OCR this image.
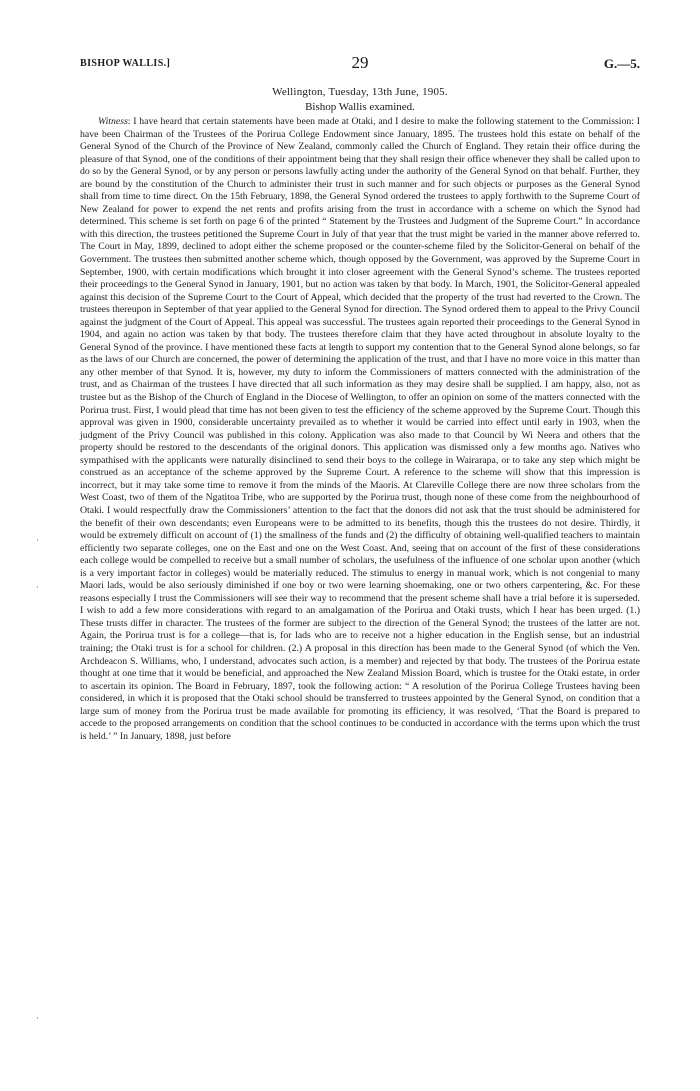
BISHOP WALLIS.]	29	G.—5.
Wellington, Tuesday, 13th June, 1905.
Bishop Wallis examined.

Witness: I have heard that certain statements have been made at Otaki, and I desire to make the following statement to the Commission: I have been Chairman of the Trustees of the Porirua College Endowment since January, 1895. The trustees hold this estate on behalf of the General Synod of the Church of the Province of New Zealand, commonly called the Church of England. They retain their office during the pleasure of that Synod, one of the conditions of their appointment being that they shall resign their office whenever they shall be called upon to do so by the General Synod, or by any person or persons lawfully acting under the authority of the General Synod on that behalf. Further, they are bound by the constitution of the Church to administer their trust in such manner and for such objects or purposes as the General Synod shall from time to time direct. On the 15th February, 1898, the General Synod ordered the trustees to apply forthwith to the Supreme Court of New Zealand for power to expend the net rents and profits arising from the trust in accordance with a scheme on which the Synod had determined. This scheme is set forth on page 6 of the printed “ Statement by the Trustees and Judgment of the Supreme Court.” In accordance with this direction, the trustees petitioned the Supreme Court in July of that year that the trust might be varied in the manner above referred to. The Court in May, 1899, declined to adopt either the scheme proposed or the counter-scheme filed by the Solicitor-General on behalf of the Government. The trustees then submitted another scheme which, though opposed by the Government, was approved by the Supreme Court in September, 1900, with certain modifications which brought it into closer agreement with the General Synod’s scheme. The trustees reported their proceedings to the General Synod in January, 1901, but no action was taken by that body. In March, 1901, the Solicitor-General appealed against this decision of the Supreme Court to the Court of Appeal, which decided that the property of the trust had reverted to the Crown. The trustees thereupon in September of that year applied to the General Synod for direction. The Synod ordered them to appeal to the Privy Council against the judgment of the Court of Appeal. This appeal was successful. The trustees again reported their proceedings to the General Synod in 1904, and again no action was taken by that body. The trustees therefore claim that they have acted throughout in absolute loyalty to the General Synod of the province. I have mentioned these facts at length to support my contention that to the General Synod alone belongs, so far as the laws of our Church are concerned, the power of determining the application of the trust, and that I have no more voice in this matter than any other member of that Synod. It is, however, my duty to inform the Commissioners of matters connected with the administration of the trust, and as Chairman of the trustees I have directed that all such information as they may desire shall be supplied. I am happy, also, not as trustee but as the Bishop of the Church of England in the Diocese of Wellington, to offer an opinion on some of the matters connected with the Porirua trust. First, I would plead that time has not been given to test the efficiency of the scheme approved by the Supreme Court. Though this approval was given in 1900, considerable uncertainty prevailed as to whether it would be carried into effect until early in 1903, when the judgment of the Privy Council was published in this colony. Application was also made to that Council by Wi Neera and others that the property should be restored to the descendants of the original donors. This application was dismissed only a few months ago. Natives who sympathised with the applicants were naturally disinclined to send their boys to the college in Wairarapa, or to take any step which might be construed as an acceptance of the scheme approved by the Supreme Court. A reference to the scheme will show that this impression is incorrect, but it may take some time to remove it from the minds of the Maoris. At Clareville College there are now three scholars from the West Coast, two of them of the Ngatitoa Tribe, who are supported by the Porirua trust, though none of these come from the neighbourhood of Otaki. I would respectfully draw the Commissioners’ attention to the fact that the donors did not ask that the trust should be administered for the benefit of their own descendants; even Europeans were to be admitted to its benefits, though this the trustees do not desire. Thirdly, it would be extremely difficult on account of (1) the smallness of the funds and (2) the difficulty of obtaining well-qualified teachers to maintain efficiently two separate colleges, one on the East and one on the West Coast. And, seeing that on account of the first of these considerations each college would be compelled to receive but a small number of scholars, the usefulness of the influence of one scholar upon another (which is a very important factor in colleges) would be materially reduced. The stimulus to energy in manual work, which is not congenial to many Maori lads, would be also seriously diminished if one boy or two were learning shoemaking, one or two others carpentering, &c. For these reasons especially I trust the Commissioners will see their way to recommend that the present scheme shall have a trial before it is superseded. I wish to add a few more considerations with regard to an amalgamation of the Porirua and Otaki trusts, which I hear has been urged. (1.) These trusts differ in character. The trustees of the former are subject to the direction of the General Synod; the trustees of the latter are not. Again, the Porirua trust is for a college—that is, for lads who are to receive not a higher education in the English sense, but an industrial training; the Otaki trust is for a school for children. (2.) A proposal in this direction has been made to the General Synod (of which the Ven. Archdeacon S. Williams, who, I understand, advocates such action, is a member) and rejected by that body. The trustees of the Porirua estate thought at one time that it would be beneficial, and approached the New Zealand Mission Board, which is trustee for the Otaki estate, in order to ascertain its opinion. The Board in February, 1897, took the following action: “ A resolution of the Porirua College Trustees having been considered, in which it is proposed that the Otaki school should be transferred to trustees appointed by the General Synod, on condition that a large sum of money from the Porirua trust be made available for promoting its efficiency, it was resolved, ‘That the Board is prepared to accede to the proposed arrangements on condition that the school continues to be conducted in accordance with the terms upon which the trust is held.’ ” In January, 1898, just before

·
·
·
